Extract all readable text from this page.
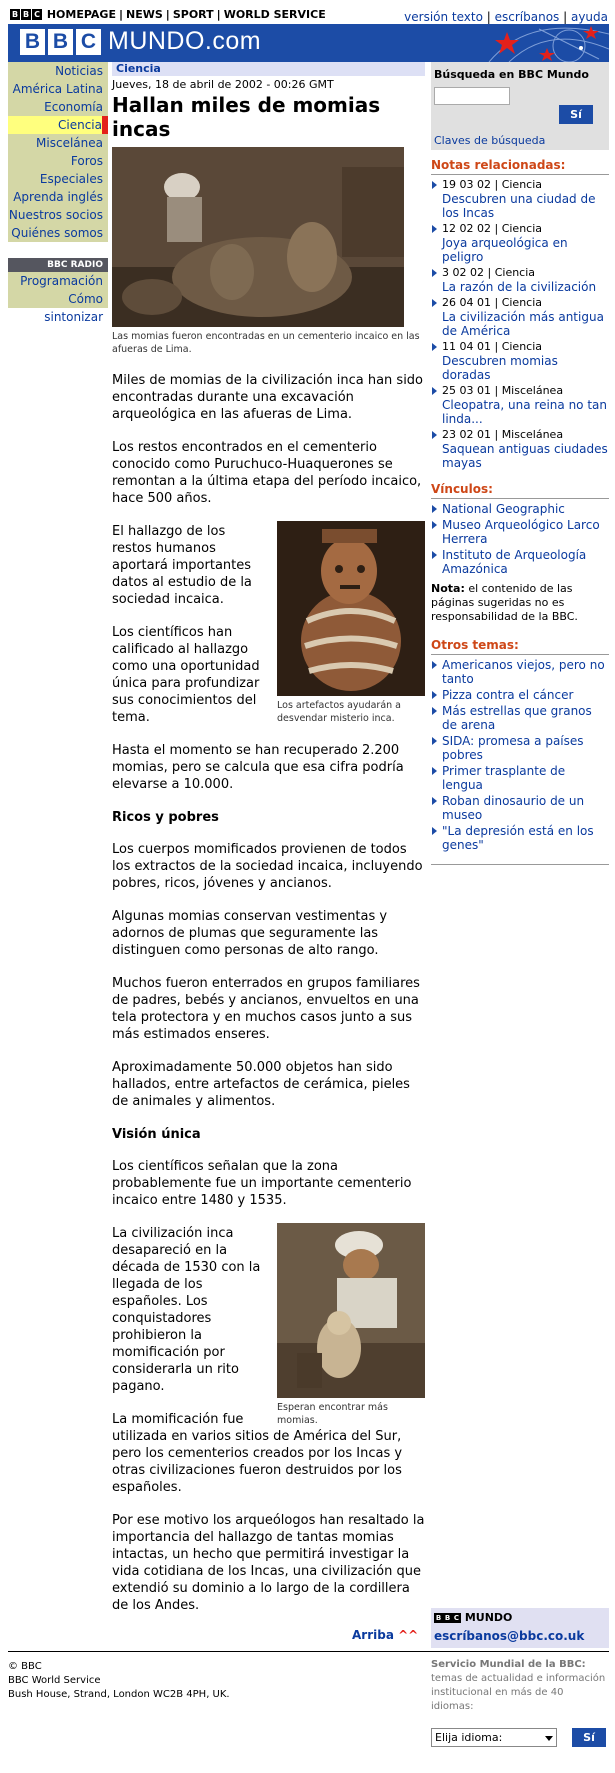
B B C HOMEPAGE | NEWS | SPORT | WORLD SERVICE	versión texto | escríbanos | ayuda
B B C MUNDO.com
Noticias
América Latina
Economía
Ciencia
Miscelánea
Foros
Especiales
Aprenda inglés
Nuestros socios
Quiénes somos
BBC RADIO
Programación
Cómo sintonizar
Ciencia
Jueves, 18 de abril de 2002 - 00:26 GMT
Hallan miles de momias incas
Las momias fueron encontradas en un cementerio incaico en las afueras de Lima.
Miles de momias de la civilización inca han sido encontradas durante una excavación arqueológica en las afueras de Lima.
Los restos encontrados en el cementerio conocido como Puruchuco-Huaquerones se remontan a la última etapa del período incaico, hace 500 años.
Los artefactos ayudarán a desvendar misterio inca.
El hallazgo de los restos humanos aportará importantes datos al estudio de la sociedad incaica.
Los científicos han calificado al hallazgo como una oportunidad única para profundizar sus conocimientos del tema.
Hasta el momento se han recuperado 2.200 momias, pero se calcula que esa cifra podría elevarse a 10.000.
Ricos y pobres
Los cuerpos momificados provienen de todos los extractos de la sociedad incaica, incluyendo pobres, ricos, jóvenes y ancianos.
Algunas momias conservan vestimentas y adornos de plumas que seguramente las distinguen como personas de alto rango.
Muchos fueron enterrados en grupos familiares de padres, bebés y ancianos, envueltos en una tela protectora y en muchos casos junto a sus más estimados enseres.
Aproximadamente 50.000 objetos han sido hallados, entre artefactos de cerámica, pieles de animales y alimentos.
Visión única
Los científicos señalan que la zona probablemente fue un importante cementerio incaico entre 1480 y 1535.
Esperan encontrar más momias.
La civilización inca desapareció en la década de 1530 con la llegada de los españoles. Los conquistadores prohibieron la momificación por considerarla un rito pagano.
La momificación fue utilizada en varios sitios de América del Sur, pero los cementerios creados por los Incas y otras civilizaciones fueron destruidos por los españoles.
Por ese motivo los arqueólogos han resaltado la importancia del hallazgo de tantas momias intactas, un hecho que permitirá investigar la vida cotidiana de los Incas, una civilización que extendió su dominio a lo largo de la cordillera de los Andes.
Búsqueda en BBC Mundo
Sí
Claves de búsqueda
Notas relacionadas:
19 03 02 | Ciencia
Descubren una ciudad de los Incas
12 02 02 | Ciencia
Joya arqueológica en peligro
3 02 02 | Ciencia
La razón de la civilización
26 04 01 | Ciencia
La civilización más antigua de América
11 04 01 | Ciencia
Descubren momias doradas
25 03 01 | Miscelánea
Cleopatra, una reina no tan linda...
23 02 01 | Miscelánea
Saquean antiguas ciudades mayas
Vínculos:
National Geographic
Museo Arqueológico Larco Herrera
Instituto de Arqueología Amazónica
Nota: el contenido de las páginas sugeridas no es responsabilidad de la BBC.
Otros temas:
Americanos viejos, pero no tanto
Pizza contra el cáncer
Más estrellas que granos de arena
SIDA: promesa a países pobres
Primer trasplante de lengua
Roban dinosaurio de un museo
"La depresión está en los genes"
Arriba ^^
B B C MUNDO
escríbanos@bbc.co.uk
© BBC
BBC World Service
Bush House, Strand, London WC2B 4PH, UK.
Servicio Mundial de la BBC: temas de actualidad e información institucional en más de 40 idiomas:
Elija idioma:	Sí
